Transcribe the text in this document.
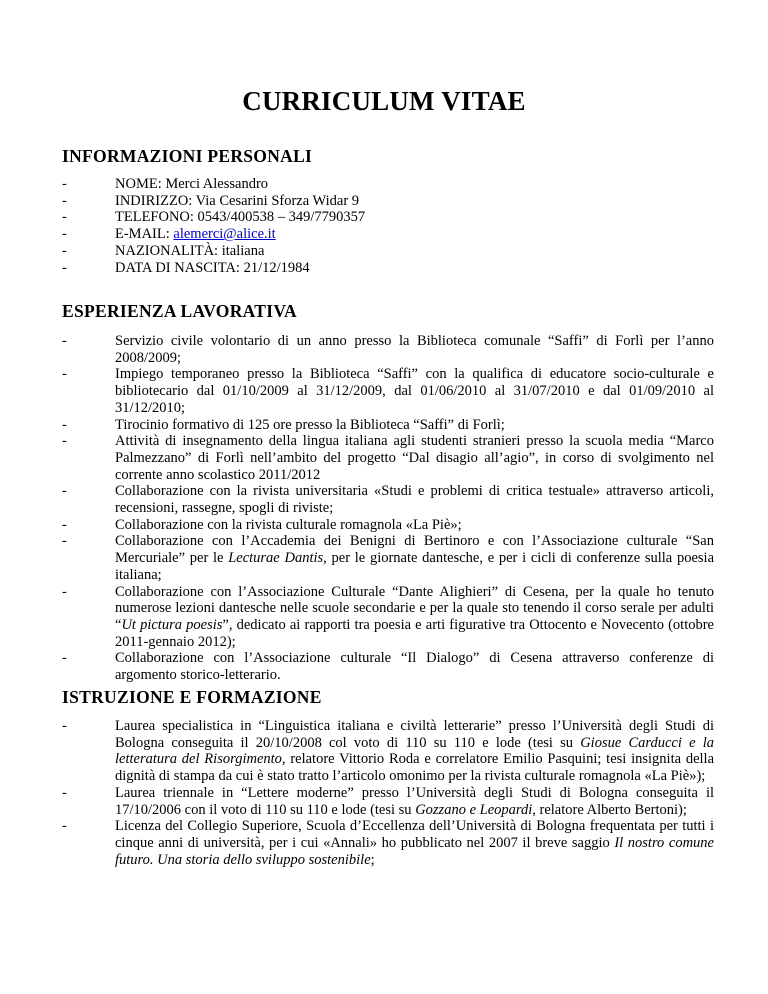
CURRICULUM VITAE
INFORMAZIONI PERSONALI
-	NOME: Merci Alessandro
-	INDIRIZZO: Via Cesarini Sforza Widar 9
-	TELEFONO: 0543/400538 – 349/7790357
-	E-MAIL: alemerci@alice.it
-	NAZIONALITÀ: italiana
-	DATA DI NASCITA: 21/12/1984
ESPERIENZA LAVORATIVA
-	Servizio civile volontario di un anno presso la Biblioteca comunale “Saffi” di Forlì per l’anno 2008/2009;
-	Impiego temporaneo presso la Biblioteca “Saffi” con la qualifica di educatore socio-culturale e bibliotecario dal 01/10/2009 al 31/12/2009, dal 01/06/2010 al 31/07/2010 e dal 01/09/2010 al 31/12/2010;
-	Tirocinio formativo di 125 ore presso la Biblioteca “Saffi” di Forlì;
-	Attività di insegnamento della lingua italiana agli studenti stranieri presso la scuola media “Marco Palmezzano” di Forlì nell’ambito del progetto “Dal disagio all’agio”, in corso di svolgimento nel corrente anno scolastico 2011/2012
-	Collaborazione con la rivista universitaria «Studi e problemi di critica testuale» attraverso articoli, recensioni, rassegne, spogli di riviste;
-	Collaborazione con la rivista culturale romagnola «La Piè»;
-	Collaborazione con l’Accademia dei Benigni di Bertinoro e con l’Associazione culturale “San Mercuriale” per le Lecturae Dantis, per le giornate dantesche, e per i cicli di conferenze sulla poesia italiana;
-	Collaborazione con l’Associazione Culturale “Dante Alighieri” di Cesena, per la quale ho tenuto numerose lezioni dantesche nelle scuole secondarie e per la quale sto tenendo il corso serale per adulti “Ut pictura poesis”, dedicato ai rapporti tra poesia e arti figurative tra Ottocento e Novecento (ottobre 2011-gennaio 2012);
-	Collaborazione con l’Associazione culturale “Il Dialogo” di Cesena attraverso conferenze di argomento storico-letterario.
ISTRUZIONE E FORMAZIONE
-	Laurea specialistica in “Linguistica italiana e civiltà letterarie” presso l’Università degli Studi di Bologna conseguita il 20/10/2008 col voto di 110 su 110 e lode (tesi su Giosue Carducci e la letteratura del Risorgimento, relatore Vittorio Roda e correlatore Emilio Pasquini; tesi insignita della dignità di stampa da cui è stato tratto l’articolo omonimo per la rivista culturale romagnola «La Piè»);
-	Laurea triennale in “Lettere moderne” presso l’Università degli Studi di Bologna conseguita il 17/10/2006 con il voto di 110 su 110 e lode (tesi su Gozzano e Leopardi, relatore Alberto Bertoni);
-	Licenza del Collegio Superiore, Scuola d’Eccellenza dell’Università di Bologna frequentata per tutti i cinque anni di università, per i cui «Annali» ho pubblicato nel 2007 il breve saggio Il nostro comune futuro. Una storia dello sviluppo sostenibile;
